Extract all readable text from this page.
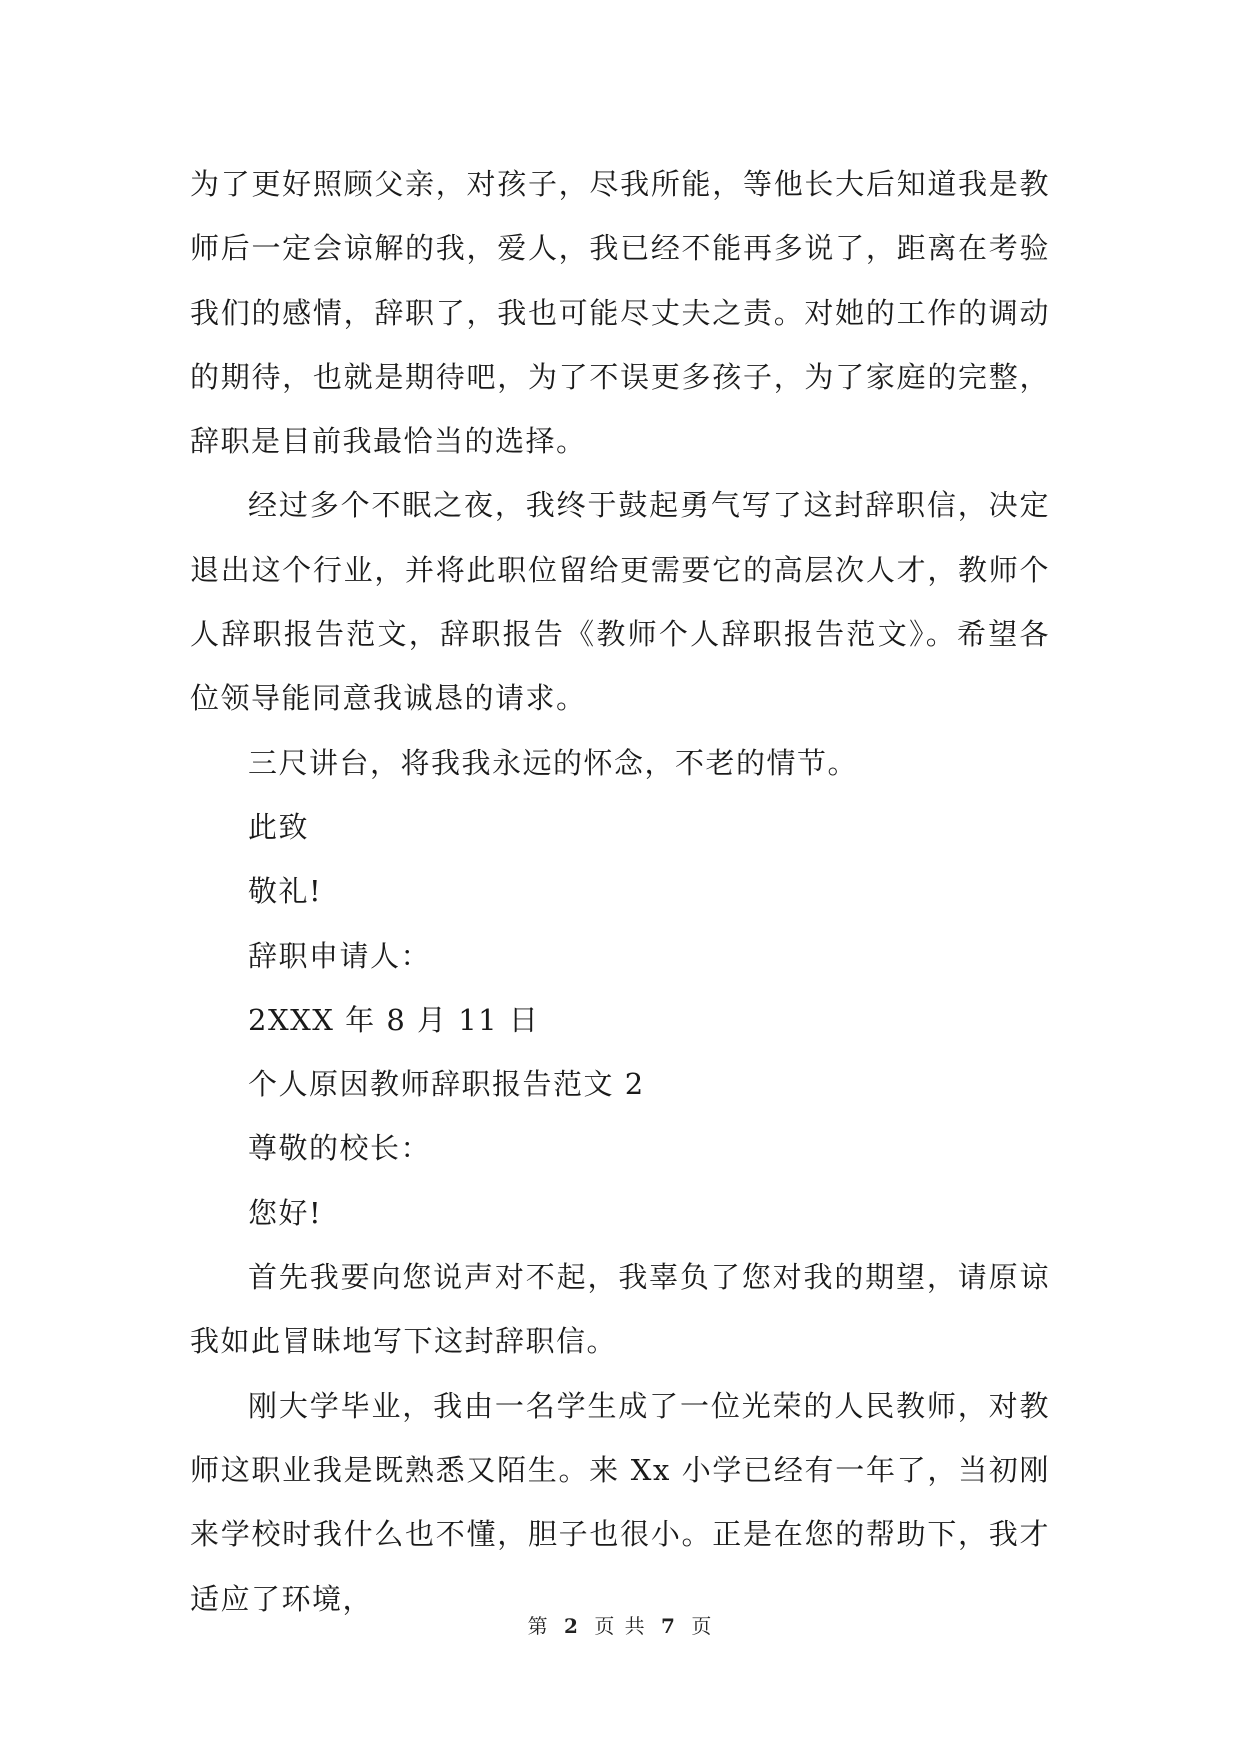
为了更好照顾父亲，对孩子，尽我所能，等他长大后知道我是教师后一定会谅解的我，爱人，我已经不能再多说了，距离在考验我们的感情，辞职了，我也可能尽丈夫之责。对她的工作的调动的期待，也就是期待吧，为了不误更多孩子，为了家庭的完整，辞职是目前我最恰当的选择。

经过多个不眠之夜，我终于鼓起勇气写了这封辞职信，决定退出这个行业，并将此职位留给更需要它的高层次人才，教师个人辞职报告范文，辞职报告《教师个人辞职报告范文》。希望各位领导能同意我诚恳的请求。

三尺讲台，将我我永远的怀念，不老的情节。

此致

敬礼!

辞职申请人：

2XXX 年 8 月 11 日

个人原因教师辞职报告范文 2

尊敬的校长：

您好!

首先我要向您说声对不起，我辜负了您对我的期望，请原谅我如此冒昧地写下这封辞职信。

刚大学毕业，我由一名学生成了一位光荣的人民教师，对教师这职业我是既熟悉又陌生。来 Xx 小学已经有一年了，当初刚来学校时我什么也不懂，胆子也很小。正是在您的帮助下，我才适应了环境，

第 2 页 共 7 页
